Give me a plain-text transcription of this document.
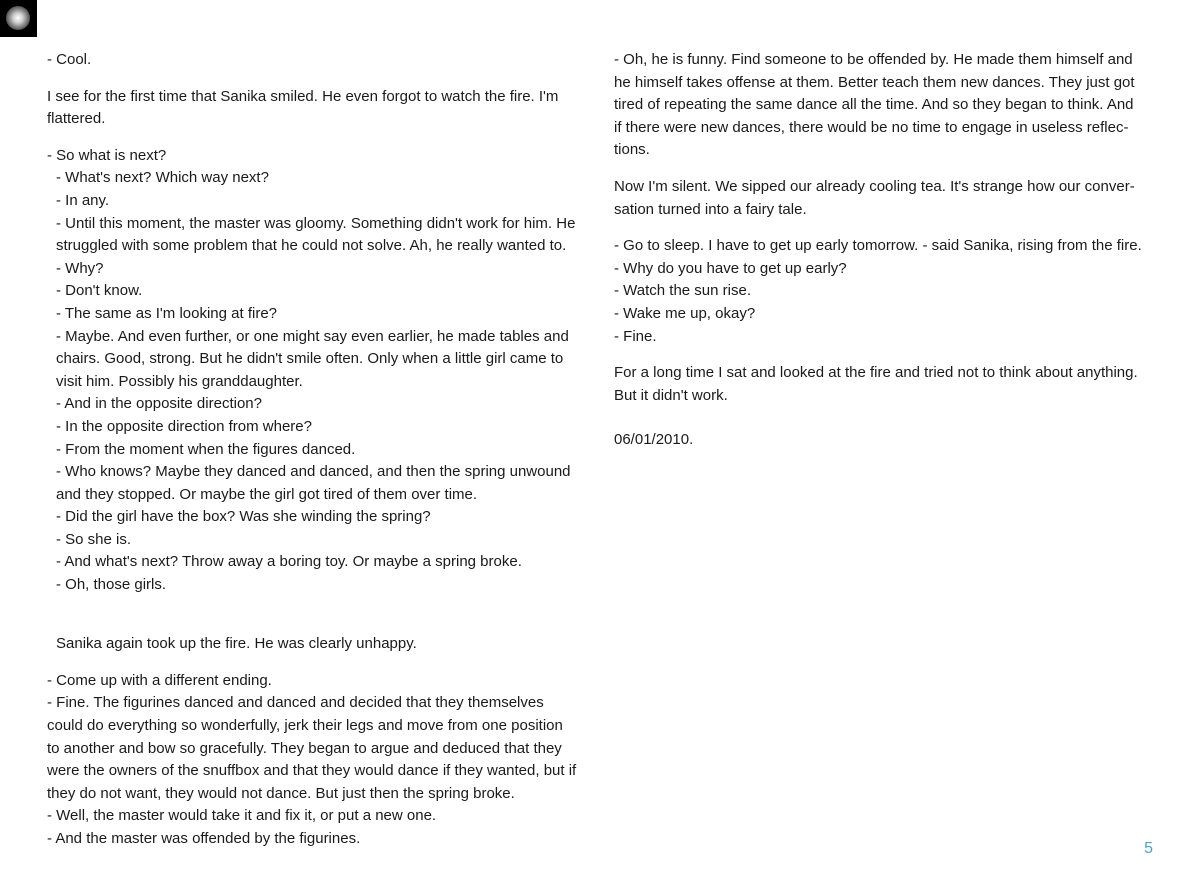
- Cool.
I see for the first time that Sanika smiled. He even forgot to watch the fire. I'm
flattered.
- So what is next?
- What's next? Which way next?
- In any.
- Until this moment, the master was gloomy. Something didn't work for him. He
struggled with some problem that he could not solve. Ah, he really wanted to.
- Why?
- Don't know.
- The same as I'm looking at fire?
- Maybe. And even further, or one might say even earlier, he made tables and
chairs. Good, strong. But he didn't smile often. Only when a little girl came to
visit him. Possibly his granddaughter.
- And in the opposite direction?
- In the opposite direction from where?
- From the moment when the figures danced.
- Who knows? Maybe they danced and danced, and then the spring unwound
and they stopped. Or maybe the girl got tired of them over time.
- Did the girl have the box? Was she winding the spring?
- So she is.
- And what's next? Throw away a boring toy. Or maybe a spring broke.
- Oh, those girls.
Sanika again took up the fire. He was clearly unhappy.
- Come up with a different ending.
- Fine. The figurines danced and danced and decided that they themselves
could do everything so wonderfully, jerk their legs and move from one position
to another and bow so gracefully. They began to argue and deduced that they
were the owners of the snuffbox and that they would dance if they wanted, but if
they do not want, they would not dance. But just then the spring broke.
- Well, the master would take it and fix it, or put a new one.
- And the master was offended by the figurines.
- Oh, he is funny. Find someone to be offended by. He made them himself and
he himself takes offense at them. Better teach them new dances. They just got
tired of repeating the same dance all the time. And so they began to think. And
if there were new dances, there would be no time to engage in useless reflec-
tions.
Now I'm silent. We sipped our already cooling tea. It's strange how our conver-
sation turned into a fairy tale.
- Go to sleep. I have to get up early tomorrow. - said Sanika, rising from the fire.
- Why do you have to get up early?
- Watch the sun rise.
- Wake me up, okay?
- Fine.
For a long time I sat and looked at the fire and tried not to think about anything.
But it didn't work.
06/01/2010.
5
